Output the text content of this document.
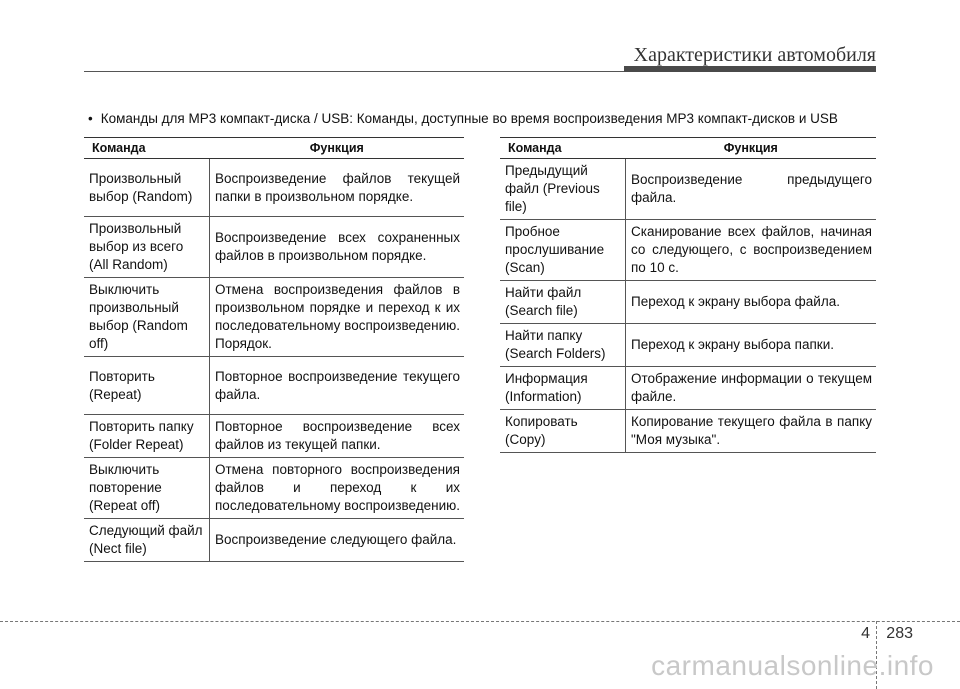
Характеристики автомобиля
• Команды для MP3 компакт-диска / USB: Команды, доступные во время воспроизведения MP3 компакт-дисков и USB
Команда	Функция
Произвольный выбор (Random)	Воспроизведение файлов текущей папки в произвольном порядке.
Произвольный выбор из всего (All Random)	Воспроизведение всех сохраненных файлов в произвольном порядке.
Выключить произвольный выбор (Random off)	Отмена воспроизведения файлов в произвольном порядке и переход к их последовательному воспроизведению. Порядок.
Повторить (Repeat)	Повторное воспроизведение текущего файла.
Повторить папку (Folder Repeat)	Повторное воспроизведение всех файлов из текущей папки.
Выключить повторение (Repeat off)	Отмена повторного воспроизведения файлов и переход к их последовательному воспроизведению.
Следующий файл (Nect file)	Воспроизведение следующего файла.
Команда	Функция
Предыдущий файл (Previous file)	Воспроизведение предыдущего файла.
Пробное прослушивание (Scan)	Сканирование всех файлов, начиная со следующего, с воспроизведением по 10 с.
Найти файл (Search file)	Переход к экрану выбора файла.
Найти папку (Search Folders)	Переход к экрану выбора папки.
Информация (Information)	Отображение информации о текущем файле.
Копировать (Copy)	Копирование текущего файла в папку "Моя музыка".
4 283
carmanualsonline.info
